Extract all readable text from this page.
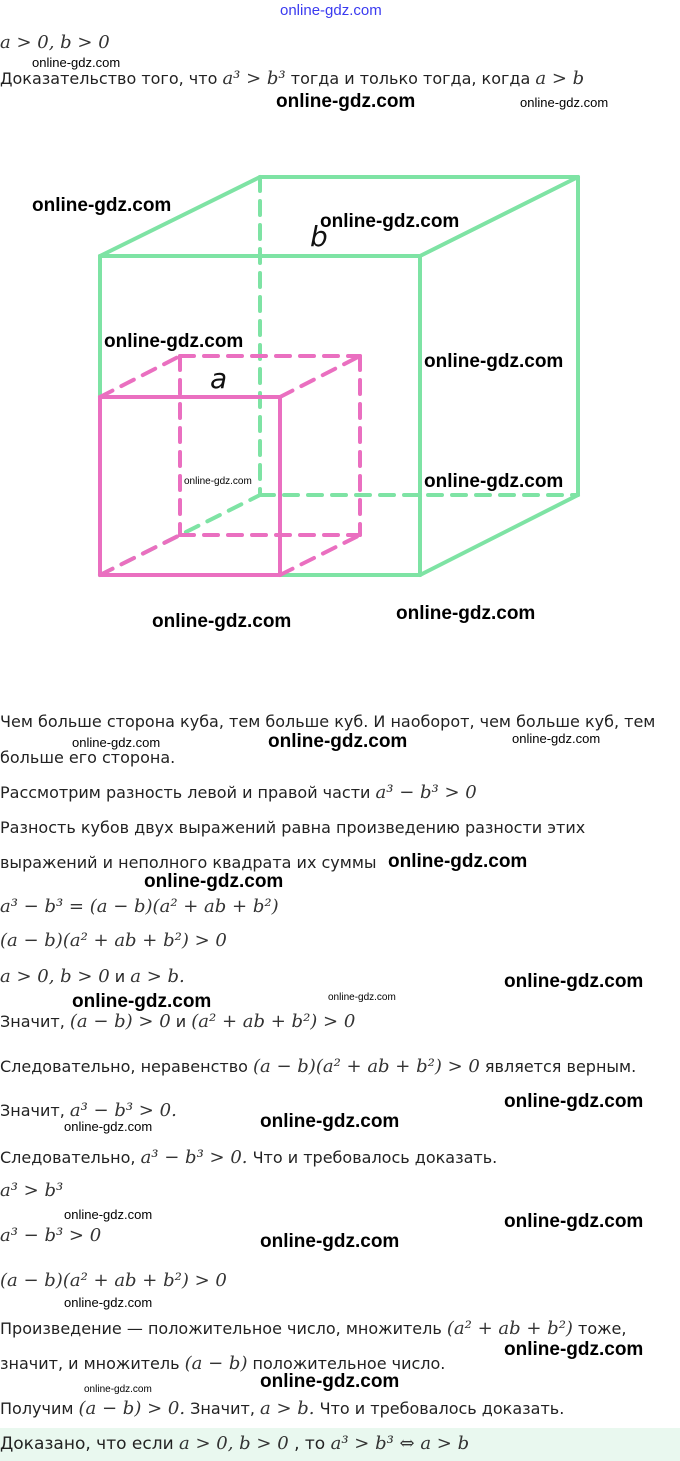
online-gdz.com
a > 0, b > 0
online-gdz.com
Доказательство того, что a³ > b³ тогда и только тогда, когда a > b
online-gdz.com	online-gdz.com
b
a
online-gdz.com
online-gdz.com
online-gdz.com
online-gdz.com
online-gdz.com	online-gdz.com
online-gdz.com
online-gdz.com
Чем больше сторона куба, тем больше куб. И наоборот, чем больше куб, тем
больше его сторона.
online-gdz.com	online-gdz.com	online-gdz.com
Рассмотрим разность левой и правой части a³ − b³ > 0
Разность кубов двух выражений равна произведению разности этих
выражений и неполного квадрата их суммы online-gdz.com
online-gdz.com
a³ − b³ = (a − b)(a² + ab + b²)
(a − b)(a² + ab + b²) > 0
a > 0, b > 0 и a > b.	online-gdz.com
online-gdz.com	online-gdz.com
Значит, (a − b) > 0 и (a² + ab + b²) > 0
Следовательно, неравенство (a − b)(a² + ab + b²) > 0 является верным.
Значит, a³ − b³ > 0.	online-gdz.com
online-gdz.com	online-gdz.com
Следовательно, a³ − b³ > 0. Что и требовалось доказать.
a³ > b³
online-gdz.com	online-gdz.com
a³ − b³ > 0	online-gdz.com
(a − b)(a² + ab + b²) > 0
online-gdz.com
Произведение — положительное число, множитель (a² + ab + b²) тоже,
online-gdz.com
значит, и множитель (a − b) положительное число.
online-gdz.com
online-gdz.com
Получим (a − b) > 0. Значит, a > b. Что и требовалось доказать.
Доказано, что если a > 0, b > 0 , то a³ > b³ ⇔ a > b
